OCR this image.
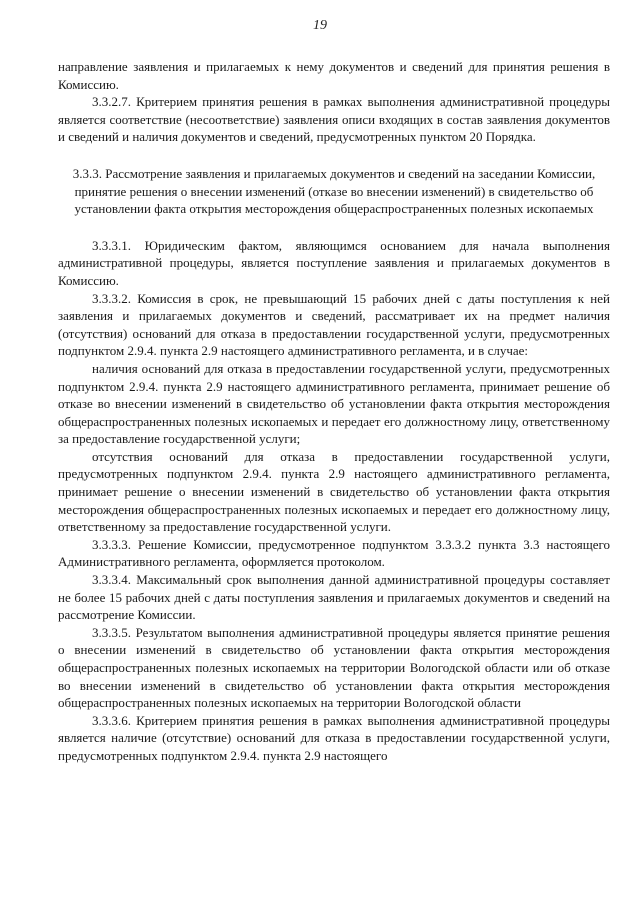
19

направление заявления и прилагаемых к нему документов и сведений для принятия решения в Комиссию.

3.3.2.7. Критерием принятия решения в рамках выполнения административной процедуры является соответствие (несоответствие) заявления описи входящих в состав заявления документов и сведений и наличия документов и сведений, предусмотренных пунктом 20 Порядка.

3.3.3. Рассмотрение заявления и прилагаемых документов и сведений на заседании Комиссии, принятие решения о внесении изменений (отказе во внесении изменений) в свидетельство об установлении факта открытия месторождения общераспространенных полезных ископаемых

3.3.3.1. Юридическим фактом, являющимся основанием для начала выполнения административной процедуры, является поступление заявления и прилагаемых документов в Комиссию.

3.3.3.2. Комиссия в срок, не превышающий 15 рабочих дней с даты поступления к ней заявления и прилагаемых документов и сведений, рассматривает их на предмет наличия (отсутствия) оснований для отказа в предоставлении государственной услуги, предусмотренных подпунктом 2.9.4. пункта 2.9 настоящего административного регламента, и в случае:

наличия оснований для отказа в предоставлении государственной услуги, предусмотренных подпунктом 2.9.4. пункта 2.9 настоящего административного регламента, принимает решение об отказе во внесении изменений в свидетельство об установлении факта открытия месторождения общераспространенных полезных ископаемых и передает его должностному лицу, ответственному за предоставление государственной услуги;

отсутствия оснований для отказа в предоставлении государственной услуги, предусмотренных подпунктом 2.9.4. пункта 2.9 настоящего административного регламента, принимает решение о внесении изменений в свидетельство об установлении факта открытия месторождения общераспространенных полезных ископаемых и передает его должностному лицу, ответственному за предоставление государственной услуги.

3.3.3.3. Решение Комиссии, предусмотренное подпунктом 3.3.3.2 пункта 3.3 настоящего Административного регламента, оформляется протоколом.

3.3.3.4. Максимальный срок выполнения данной административной процедуры составляет не более 15 рабочих дней с даты поступления заявления и прилагаемых документов и сведений на рассмотрение Комиссии.

3.3.3.5. Результатом выполнения административной процедуры является принятие решения о внесении изменений в свидетельство об установлении факта открытия месторождения общераспространенных полезных ископаемых на территории Вологодской области или об отказе во внесении изменений в свидетельство об установлении факта открытия месторождения общераспространенных полезных ископаемых на территории Вологодской области

3.3.3.6. Критерием принятия решения в рамках выполнения административной процедуры является наличие (отсутствие) оснований для отказа в предоставлении государственной услуги, предусмотренных подпунктом 2.9.4. пункта 2.9 настоящего
